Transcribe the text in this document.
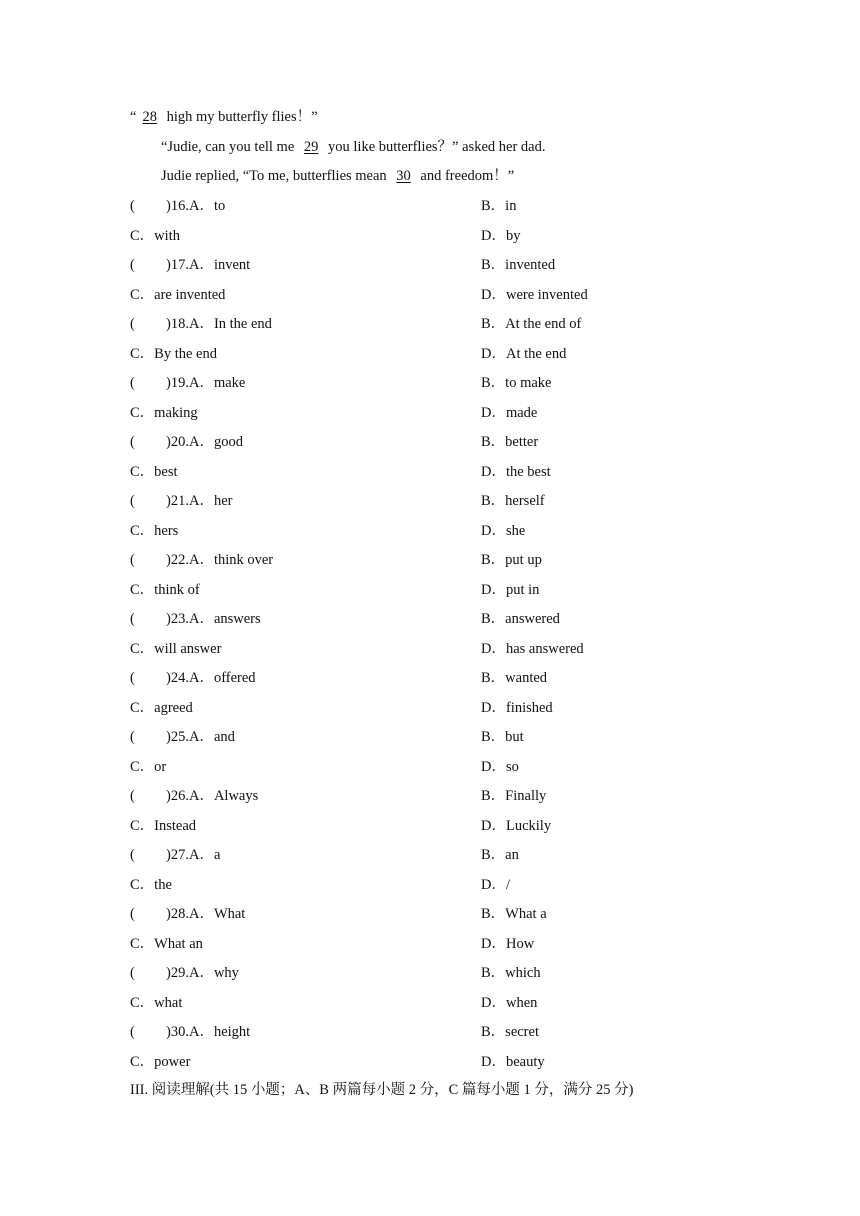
“ 28 high my butterfly flies！”
“Judie, can you tell me 29 you like butterflies？” asked her dad.
Judie replied, “To me, butterflies mean 30 and freedom！”
( )16.A．to	B．in
C．with	D．by
( )17.A．invent	B．invented
C．are invented	D．were invented
( )18.A．In the end	B．At the end of
C．By the end	D．At the end
( )19.A．make	B．to make
C．making	D．made
( )20.A．good	B．better
C．best	D．the best
( )21.A．her	B．herself
C．hers	D．she
( )22.A．think over	B．put up
C．think of	D．put in
( )23.A．answers	B．answered
C．will answer	D．has answered
( )24.A．offered	B．wanted
C．agreed	D．finished
( )25.A．and	B．but
C．or	D．so
( )26.A．Always	B．Finally
C．Instead	D．Luckily
( )27.A．a	B．an
C．the	D．/
( )28.A．What	B．What a
C．What an	D．How
( )29.A．why	B．which
C．what	D．when
( )30.A．height	B．secret
C．power	D．beauty
III. 阅读理解(共 15 小题；A、B 两篇每小题 2 分，C 篇每小题 1 分，满分 25 分)
